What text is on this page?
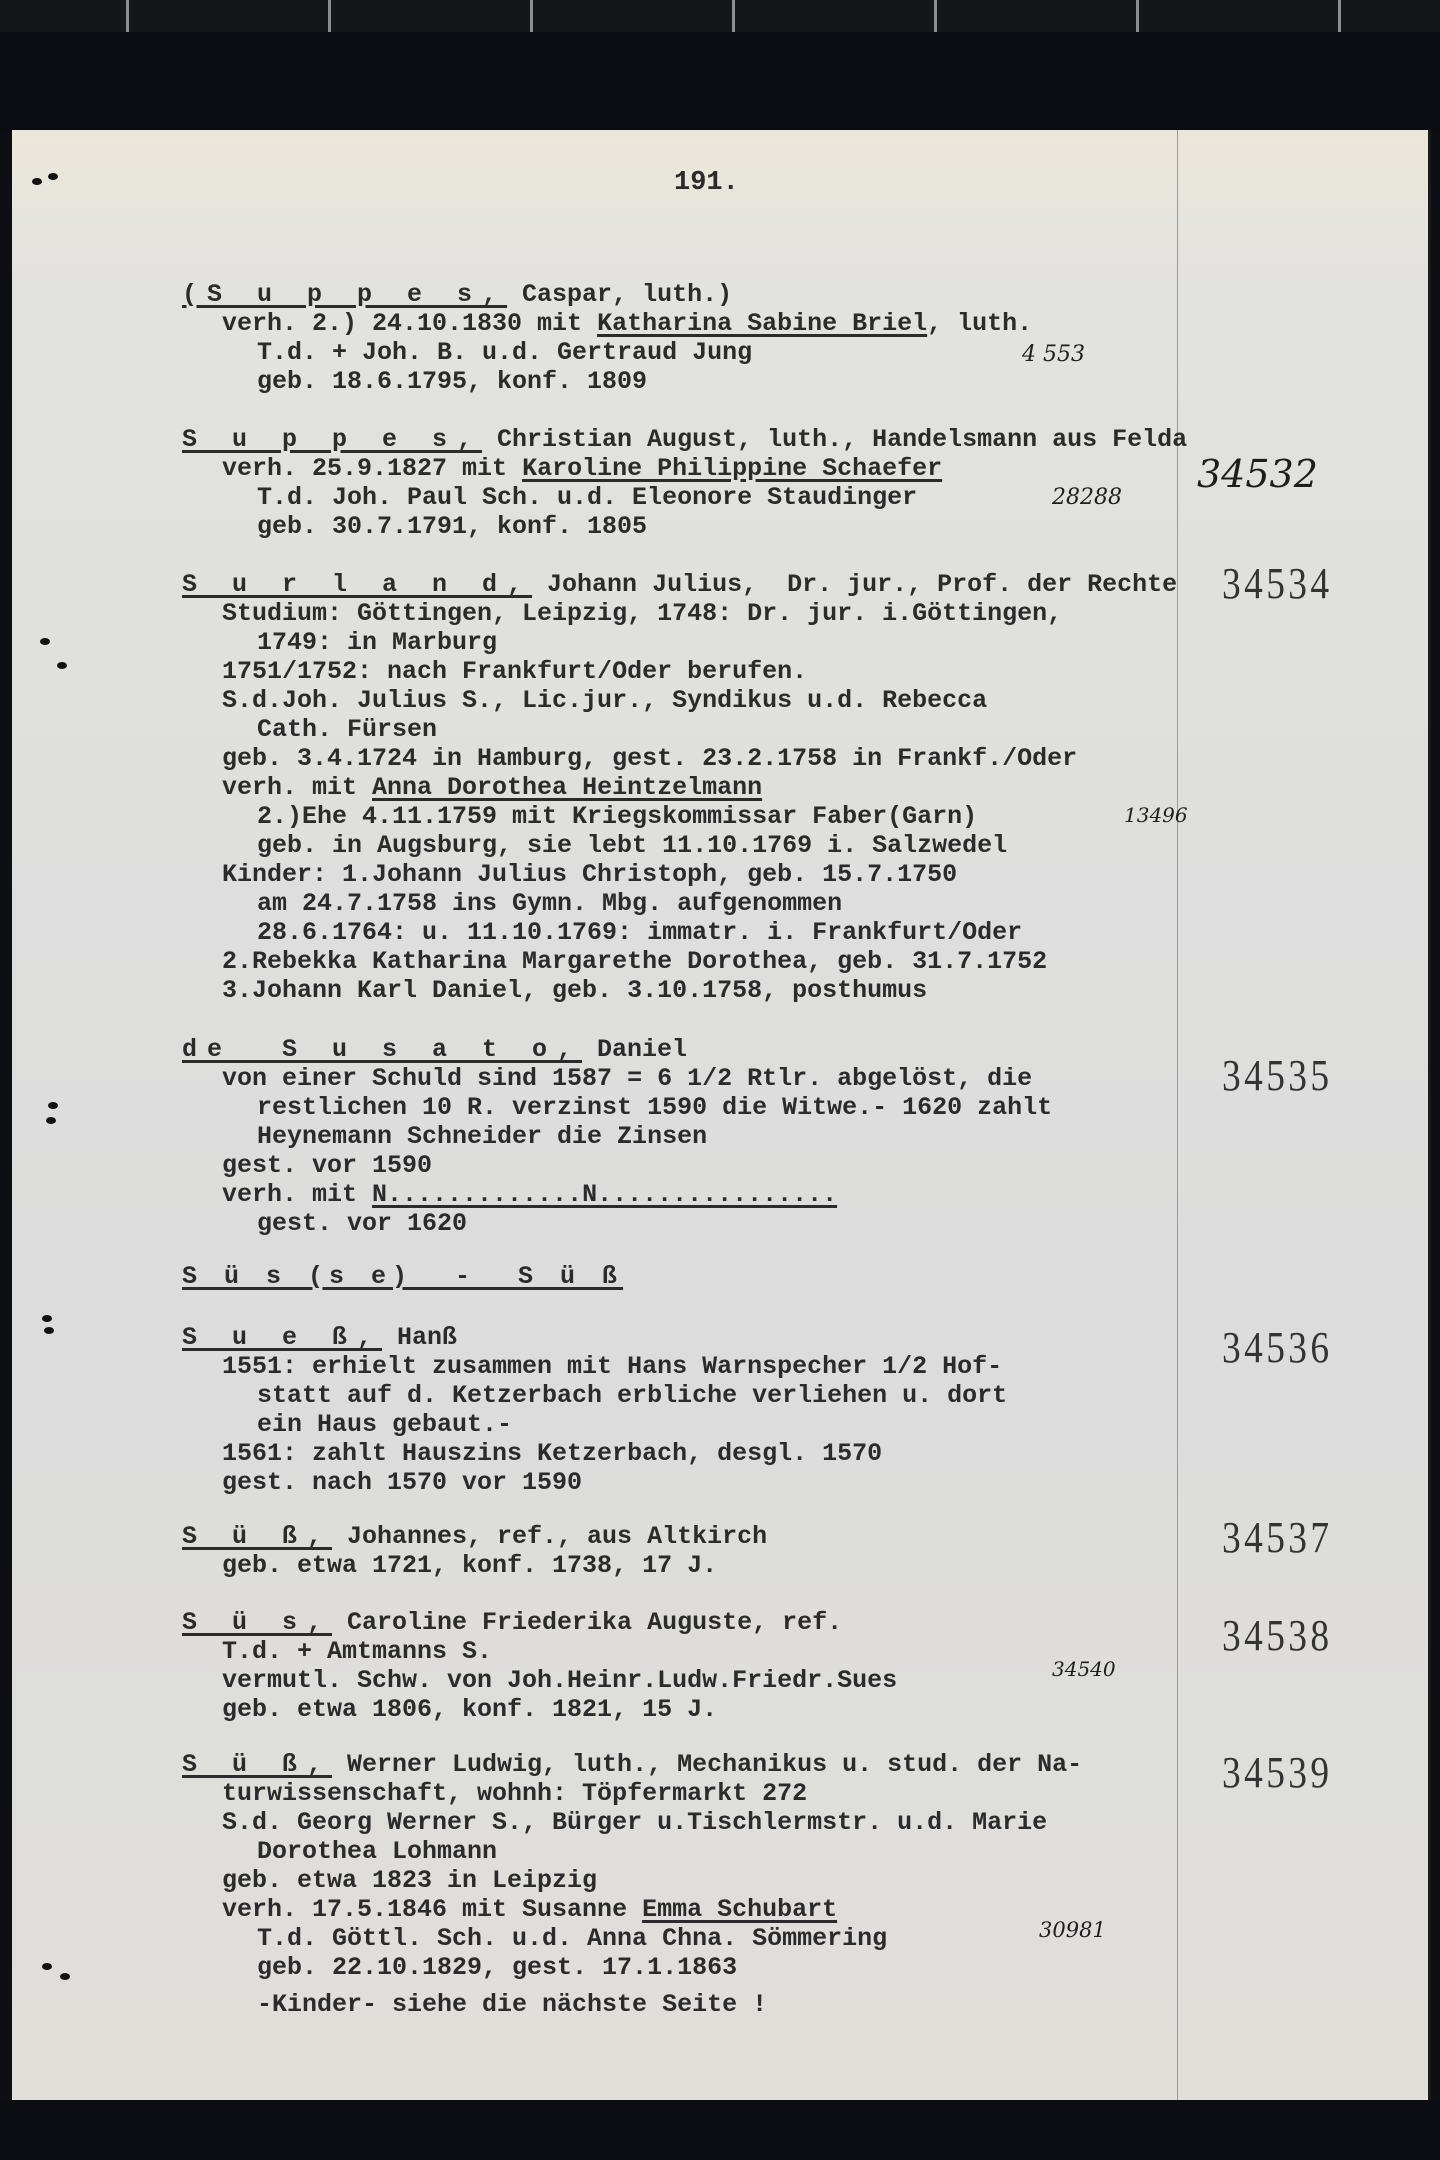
191.
(S u p p e s, Caspar, luth.)
verh. 2.) 24.10.1830 mit Katharina Sabine Briel, luth.
T.d. + Joh. B. u.d. Gertraud Jung
geb. 18.6.1795, konf. 1809
4 553
S u p p e s, Christian August, luth., Handelsmann aus Felda
verh. 25.9.1827 mit Karoline Philippine Schaefer
T.d. Joh. Paul Sch. u.d. Eleonore Staudinger
geb. 30.7.1791, konf. 1805
28288
34532
S u r l a n d, Johann Julius,  Dr. jur., Prof. der Rechte
Studium: Göttingen, Leipzig, 1748: Dr. jur. i.Göttingen,
1749: in Marburg
1751/1752: nach Frankfurt/Oder berufen.
S.d.Joh. Julius S., Lic.jur., Syndikus u.d. Rebecca
Cath. Fürsen
geb. 3.4.1724 in Hamburg, gest. 23.2.1758 in Frankf./Oder
verh. mit Anna Dorothea Heintzelmann
2.)Ehe 4.11.1759 mit Kriegskommissar Faber(Garn)
geb. in Augsburg, sie lebt 11.10.1769 i. Salzwedel
Kinder: 1.Johann Julius Christoph, geb. 15.7.1750
am 24.7.1758 ins Gymn. Mbg. aufgenommen
28.6.1764: u. 11.10.1769: immatr. i. Frankfurt/Oder
2.Rebekka Katharina Margarethe Dorothea, geb. 31.7.1752
3.Johann Karl Daniel, geb. 3.10.1758, posthumus
13496
34534
de  S u s a t o, Daniel
von einer Schuld sind 1587 = 6 1/2 Rtlr. abgelöst, die
restlichen 10 R. verzinst 1590 die Witwe.- 1620 zahlt
Heynemann Schneider die Zinsen
gest. vor 1590
verh. mit N.............N................
gest. vor 1620
34535
S ü s (s e)  -  S ü ß
S u e ß, Hanß
1551: erhielt zusammen mit Hans Warnspecher 1/2 Hof-
statt auf d. Ketzerbach erbliche verliehen u. dort
ein Haus gebaut.-
1561: zahlt Hauszins Ketzerbach, desgl. 1570
gest. nach 1570 vor 1590
34536
S ü ß, Johannes, ref., aus Altkirch
geb. etwa 1721, konf. 1738, 17 J.
34537
S ü s, Caroline Friederika Auguste, ref.
T.d. + Amtmanns S.
vermutl. Schw. von Joh.Heinr.Ludw.Friedr.Sues
geb. etwa 1806, konf. 1821, 15 J.
34540
34538
S ü ß, Werner Ludwig, luth., Mechanikus u. stud. der Na-
turwissenschaft, wohnh: Töpfermarkt 272
S.d. Georg Werner S., Bürger u.Tischlermstr. u.d. Marie
Dorothea Lohmann
geb. etwa 1823 in Leipzig
verh. 17.5.1846 mit Susanne Emma Schubart
T.d. Göttl. Sch. u.d. Anna Chna. Sömmering
geb. 22.10.1829, gest. 17.1.1863
-Kinder- siehe die nächste Seite !
30981
34539
